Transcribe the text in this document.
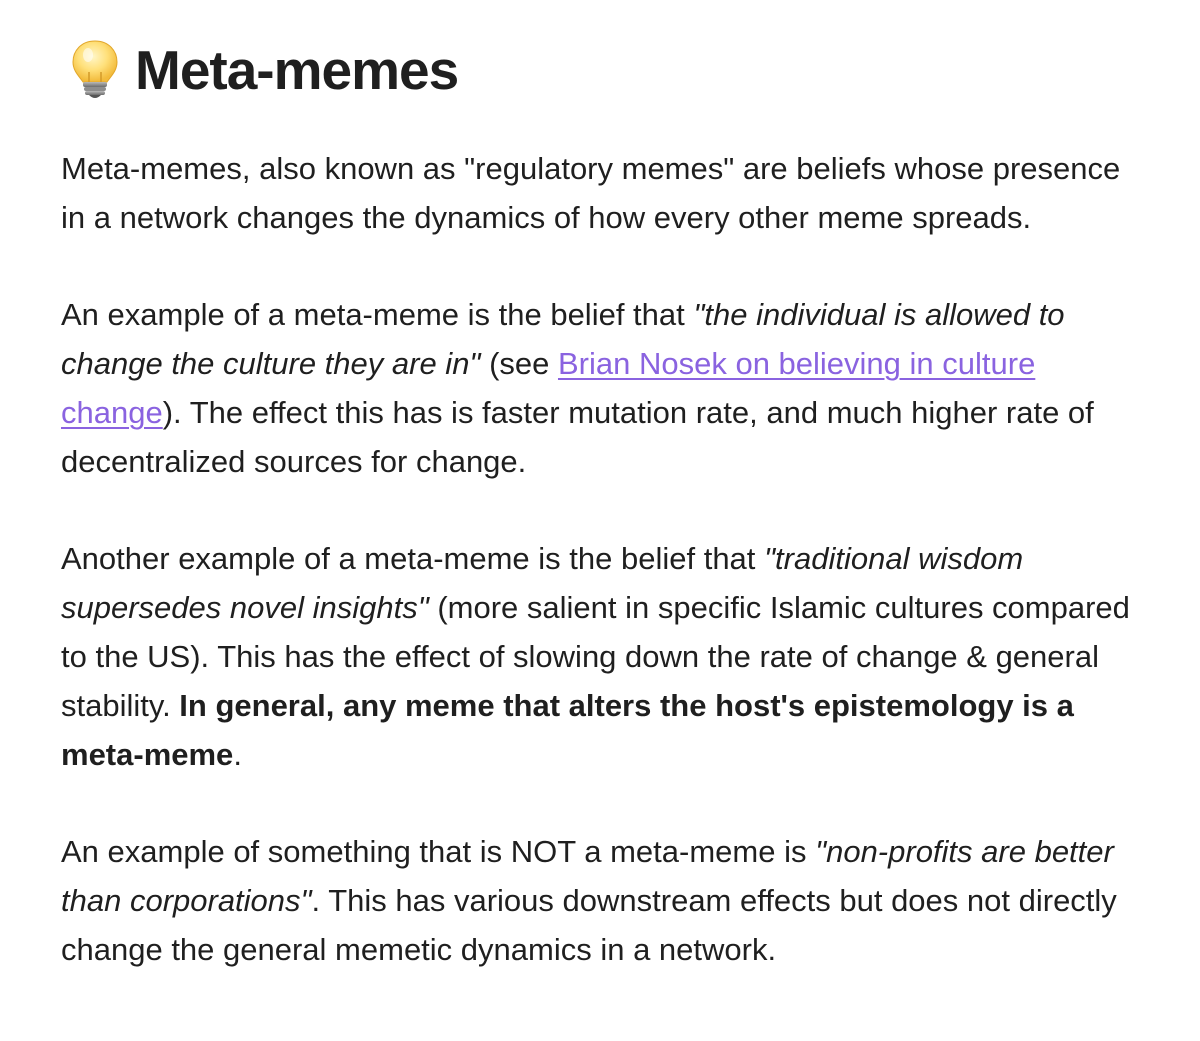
Meta-memes

Meta-memes, also known as "regulatory memes" are beliefs whose presence in a network changes the dynamics of how every other meme spreads.

An example of a meta-meme is the belief that "the individual is allowed to change the culture they are in" (see Brian Nosek on believing in culture change). The effect this has is faster mutation rate, and much higher rate of decentralized sources for change.

Another example of a meta-meme is the belief that "traditional wisdom supersedes novel insights" (more salient in specific Islamic cultures compared to the US). This has the effect of slowing down the rate of change & general stability. In general, any meme that alters the host's epistemology is a meta-meme.

An example of something that is NOT a meta-meme is "non-profits are better than corporations". This has various downstream effects but does not directly change the general memetic dynamics in a network.
